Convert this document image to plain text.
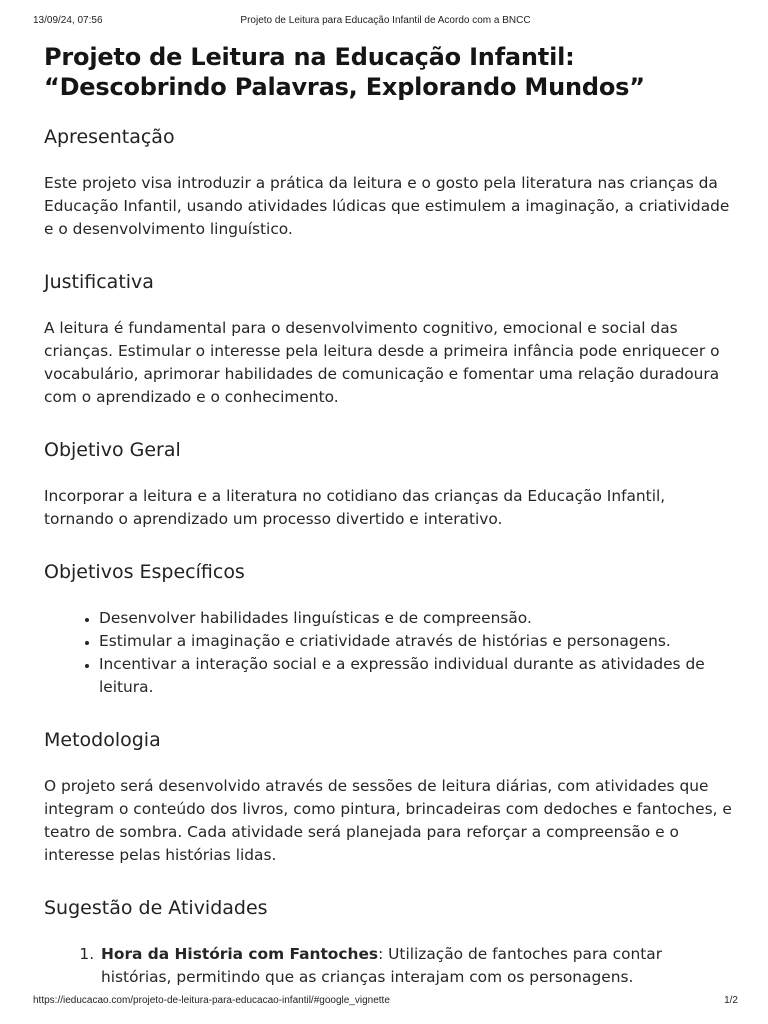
13/09/24, 07:56	Projeto de Leitura para Educação Infantil de Acordo com a BNCC
Projeto de Leitura na Educação Infantil: “Descobrindo Palavras, Explorando Mundos”
Apresentação

Este projeto visa introduzir a prática da leitura e o gosto pela literatura nas crianças da Educação Infantil, usando atividades lúdicas que estimulem a imaginação, a criatividade e o desenvolvimento linguístico.

Justificativa

A leitura é fundamental para o desenvolvimento cognitivo, emocional e social das crianças. Estimular o interesse pela leitura desde a primeira infância pode enriquecer o vocabulário, aprimorar habilidades de comunicação e fomentar uma relação duradoura com o aprendizado e o conhecimento.

Objetivo Geral

Incorporar a leitura e a literatura no cotidiano das crianças da Educação Infantil, tornando o aprendizado um processo divertido e interativo.

Objetivos Específicos
• Desenvolver habilidades linguísticas e de compreensão.
• Estimular a imaginação e criatividade através de histórias e personagens.
• Incentivar a interação social e a expressão individual durante as atividades de leitura.
Metodologia

O projeto será desenvolvido através de sessões de leitura diárias, com atividades que integram o conteúdo dos livros, como pintura, brincadeiras com dedoches e fantoches, e teatro de sombra. Cada atividade será planejada para reforçar a compreensão e o interesse pelas histórias lidas.

Sugestão de Atividades
1. Hora da História com Fantoches: Utilização de fantoches para contar histórias, permitindo que as crianças interajam com os personagens.
https://ieducacao.com/projeto-de-leitura-para-educacao-infantil/#google_vignette	1/2
